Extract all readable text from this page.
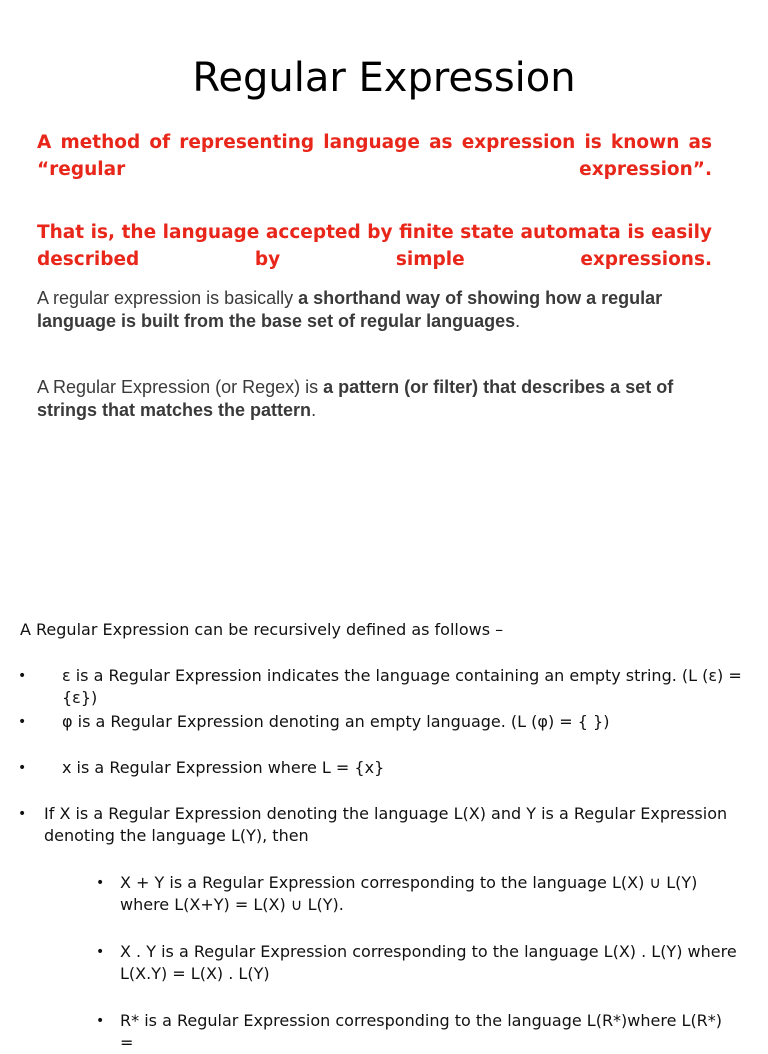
Regular Expression
A method of representing language as expression is known as “regular expression”.
That is, the language accepted by finite state automata is easily described by simple expressions.
A regular expression is basically a shorthand way of showing how a regular language is built from the base set of regular languages.
A Regular Expression (or Regex) is a pattern (or filter) that describes a set of strings that matches the pattern.
A Regular Expression can be recursively defined as follows –
• ε is a Regular Expression indicates the language containing an empty string. (L (ε) = {ε})
• φ is a Regular Expression denoting an empty language. (L (φ) = { })
• x is a Regular Expression where L = {x}
• If X is a Regular Expression denoting the language L(X) and Y is a Regular Expression denoting the language L(Y), then
• X + Y is a Regular Expression corresponding to the language L(X) ∪ L(Y) where L(X+Y) = L(X) ∪ L(Y).
• X . Y is a Regular Expression corresponding to the language L(X) . L(Y) where L(X.Y) = L(X) . L(Y)
• R* is a Regular Expression corresponding to the language L(R*)where L(R*) =
